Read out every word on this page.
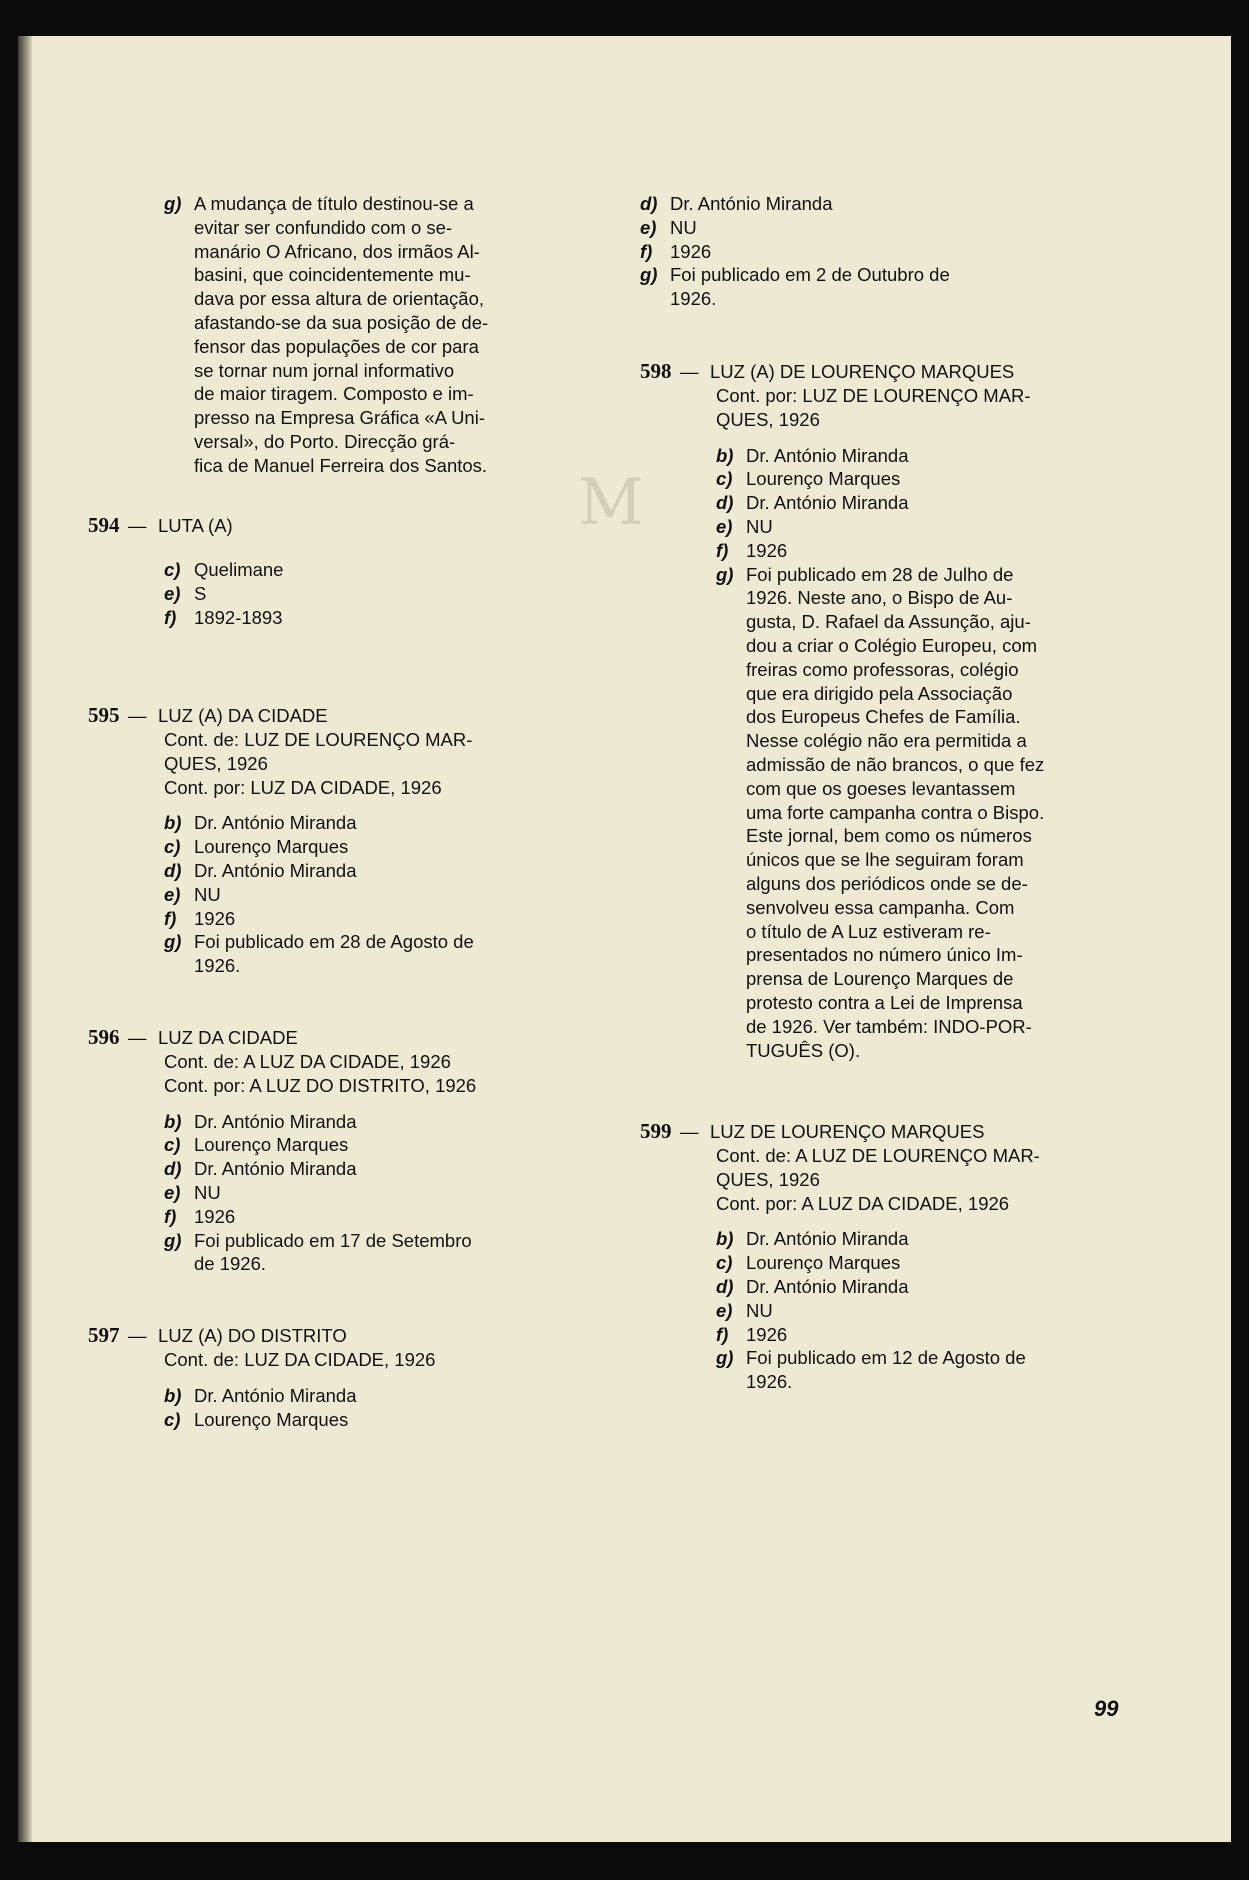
M
g) A mudança de título destinou-se a
evitar ser confundido com o se-
manário O Africano, dos irmãos Al-
basini, que coincidentemente mu-
dava por essa altura de orientação,
afastando-se da sua posição de de-
fensor das populações de cor para
se tornar num jornal informativo
de maior tiragem. Composto e im-
presso na Empresa Gráfica «A Uni-
versal», do Porto. Direcção grá-
fica de Manuel Ferreira dos Santos.
594 — LUTA (A)
c) Quelimane
e) S
f) 1892-1893
595 — LUZ (A) DA CIDADE
Cont. de: LUZ DE LOURENÇO MAR-
QUES, 1926
Cont. por: LUZ DA CIDADE, 1926
b) Dr. António Miranda
c) Lourenço Marques
d) Dr. António Miranda
e) NU
f) 1926
g) Foi publicado em 28 de Agosto de
1926.
596 — LUZ DA CIDADE
Cont. de: A LUZ DA CIDADE, 1926
Cont. por: A LUZ DO DISTRITO, 1926
b) Dr. António Miranda
c) Lourenço Marques
d) Dr. António Miranda
e) NU
f) 1926
g) Foi publicado em 17 de Setembro
de 1926.
597 — LUZ (A) DO DISTRITO
Cont. de: LUZ DA CIDADE, 1926
b) Dr. António Miranda
c) Lourenço Marques
d) Dr. António Miranda
e) NU
f) 1926
g) Foi publicado em 2 de Outubro de
1926.
598 — LUZ (A) DE LOURENÇO MARQUES
Cont. por: LUZ DE LOURENÇO MAR-
QUES, 1926
b) Dr. António Miranda
c) Lourenço Marques
d) Dr. António Miranda
e) NU
f) 1926
g) Foi publicado em 28 de Julho de
1926. Neste ano, o Bispo de Au-
gusta, D. Rafael da Assunção, aju-
dou a criar o Colégio Europeu, com
freiras como professoras, colégio
que era dirigido pela Associação
dos Europeus Chefes de Família.
Nesse colégio não era permitida a
admissão de não brancos, o que fez
com que os goeses levantassem
uma forte campanha contra o Bispo.
Este jornal, bem como os números
únicos que se lhe seguiram foram
alguns dos periódicos onde se de-
senvolveu essa campanha. Com
o título de A Luz estiveram re-
presentados no número único Im-
prensa de Lourenço Marques de
protesto contra a Lei de Imprensa
de 1926. Ver também: INDO-POR-
TUGUÊS (O).
599 — LUZ DE LOURENÇO MARQUES
Cont. de: A LUZ DE LOURENÇO MAR-
QUES, 1926
Cont. por: A LUZ DA CIDADE, 1926
b) Dr. António Miranda
c) Lourenço Marques
d) Dr. António Miranda
e) NU
f) 1926
g) Foi publicado em 12 de Agosto de
1926.
99
